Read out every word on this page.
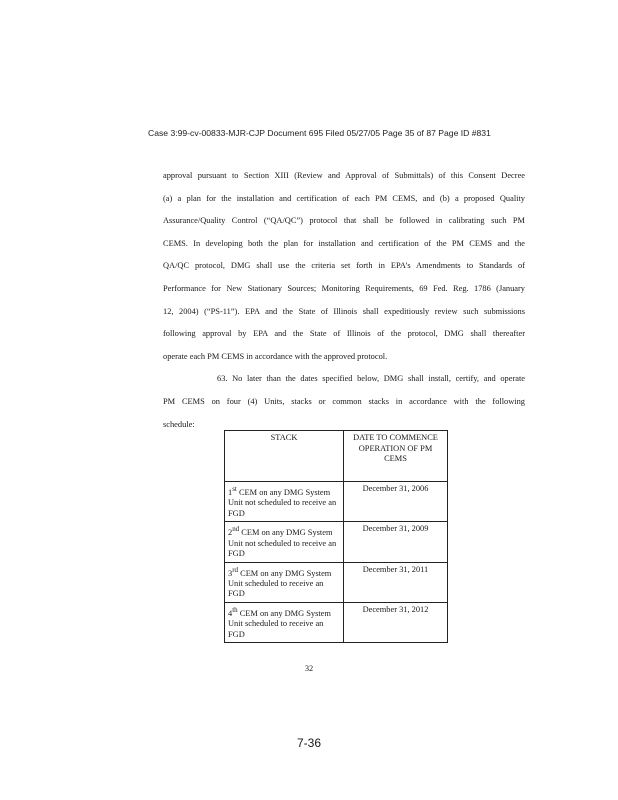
Case 3:99-cv-00833-MJR-CJP Document 695 Filed 05/27/05 Page 35 of 87 Page ID #831
approval pursuant to Section XIII (Review and Approval of Submittals) of this Consent Decree
(a) a plan for the installation and certification of each PM CEMS, and (b) a proposed Quality
Assurance/Quality Control (“QA/QC”) protocol that shall be followed in calibrating such PM
CEMS. In developing both the plan for installation and certification of the PM CEMS and the
QA/QC protocol, DMG shall use the criteria set forth in EPA’s Amendments to Standards of
Performance for New Stationary Sources; Monitoring Requirements, 69 Fed. Reg. 1786 (January
12, 2004) (“PS-11”). EPA and the State of Illinois shall expeditiously review such submissions
following approval by EPA and the State of Illinois of the protocol, DMG shall thereafter
operate each PM CEMS in accordance with the approved protocol.
63. No later than the dates specified below, DMG shall install, certify, and operate
PM CEMS on four (4) Units, stacks or common stacks in accordance with the following
schedule:
STACK	DATE TO COMMENCE OPERATION OF PM CEMS
1st CEM on any DMG System Unit not scheduled to receive an FGD	December 31, 2006
2nd CEM on any DMG System Unit not scheduled to receive an FGD	December 31, 2009
3rd CEM on any DMG System Unit scheduled to receive an FGD	December 31, 2011
4th CEM on any DMG System Unit scheduled to receive an FGD	December 31, 2012
32
7-36
